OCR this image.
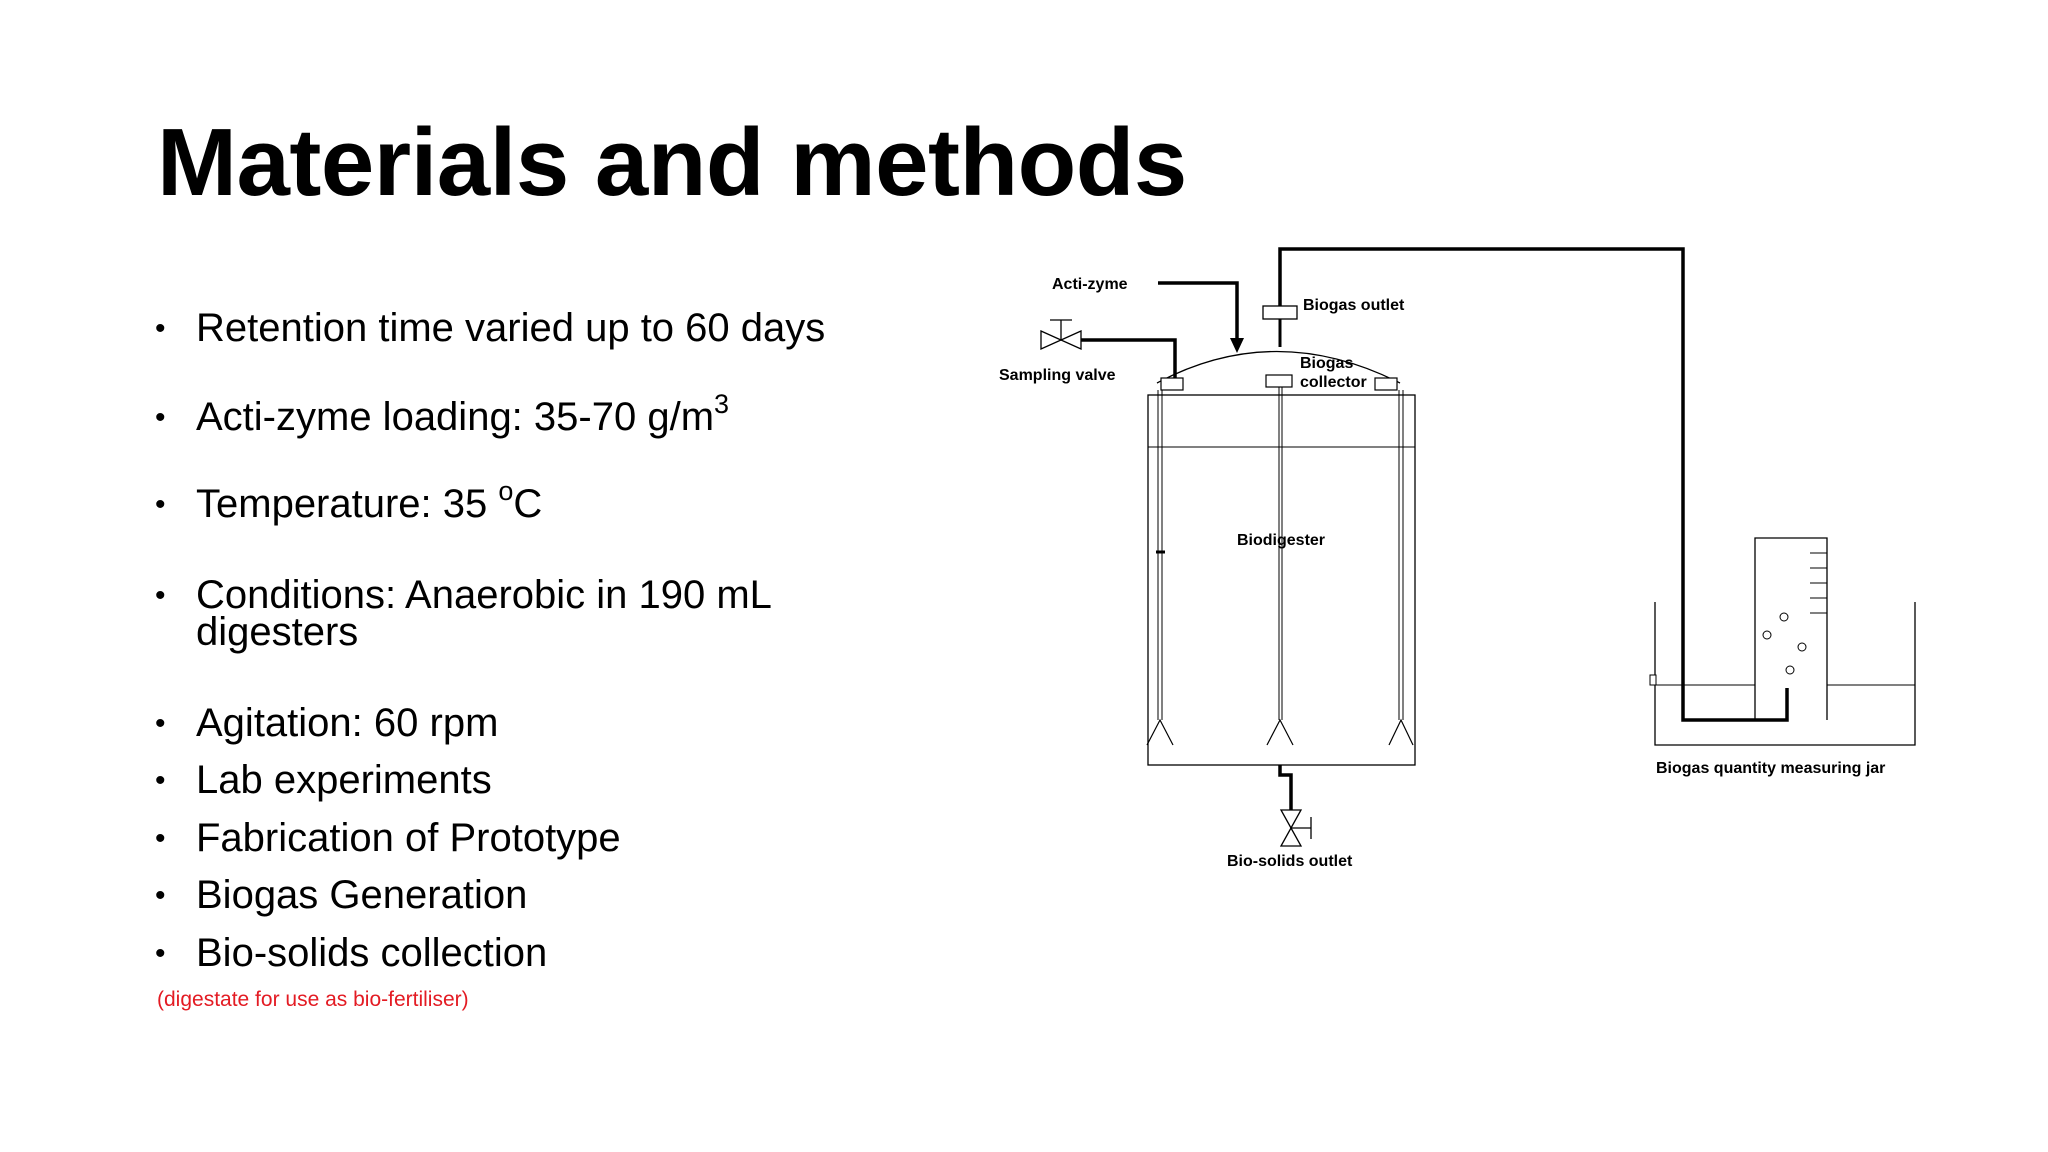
Materials and methods
• Retention time varied up to 60 days
• Acti-zyme loading: 35-70 $g/m^3$
• Temperature: 35 $^o$C
• Conditions: Anaerobic in 190 mL
digesters
• Agitation: 60 rpm
• Lab experiments
• Fabrication of Prototype
• Biogas Generation
• Bio-solids collection
(digestate for use as bio-fertiliser)
Acti-zyme
Biogas outlet
Sampling valve
Biogas
collector
Biodigester
Bio-solids outlet
Biogas quantity measuring jar
